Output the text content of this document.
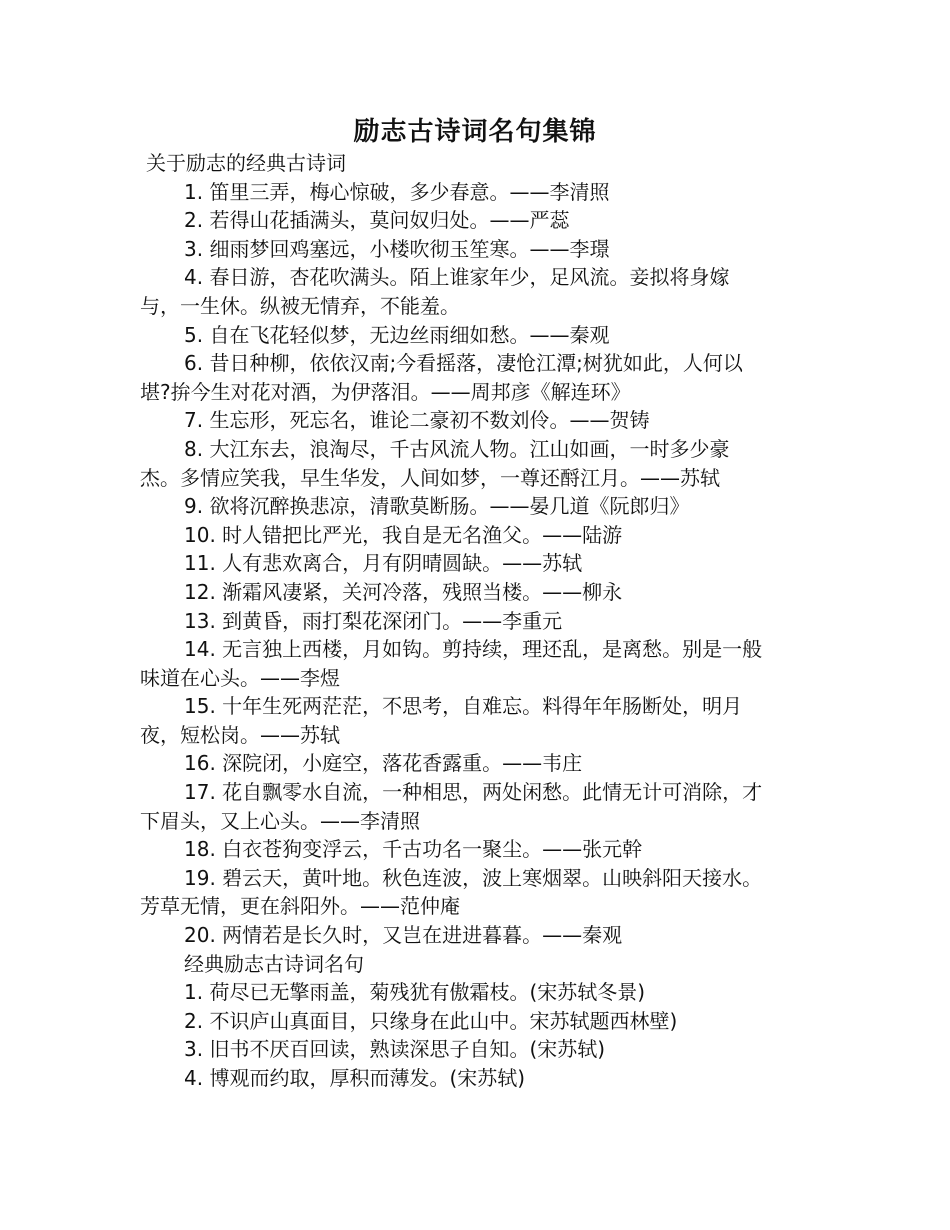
励志古诗词名句集锦
关于励志的经典古诗词
1. 笛里三弄，梅心惊破，多少春意。——李清照
2. 若得山花插满头，莫问奴归处。——严蕊
3. 细雨梦回鸡塞远，小楼吹彻玉笙寒。——李璟
4. 春日游，杏花吹满头。陌上谁家年少，足风流。妾拟将身嫁
与，一生休。纵被无情弃，不能羞。
5. 自在飞花轻似梦，无边丝雨细如愁。——秦观
6. 昔日种柳，依依汉南;今看摇落，凄怆江潭;树犹如此，人何以
堪?拚今生对花对酒，为伊落泪。——周邦彦《解连环》
7. 生忘形，死忘名，谁论二豪初不数刘伶。——贺铸
8. 大江东去，浪淘尽，千古风流人物。江山如画，一时多少豪
杰。多情应笑我，早生华发，人间如梦，一尊还酹江月。——苏轼
9. 欲将沉醉换悲凉，清歌莫断肠。——晏几道《阮郎归》
10. 时人错把比严光，我自是无名渔父。——陆游
11. 人有悲欢离合，月有阴晴圆缺。——苏轼
12. 渐霜风凄紧，关河冷落，残照当楼。——柳永
13. 到黄昏，雨打梨花深闭门。——李重元
14. 无言独上西楼，月如钩。剪持续，理还乱，是离愁。别是一般
味道在心头。——李煜
15. 十年生死两茫茫，不思考，自难忘。料得年年肠断处，明月
夜，短松岗。——苏轼
16. 深院闭，小庭空，落花香露重。——韦庄
17. 花自飘零水自流，一种相思，两处闲愁。此情无计可消除，才
下眉头，又上心头。——李清照
18. 白衣苍狗变浮云，千古功名一聚尘。——张元幹
19. 碧云天，黄叶地。秋色连波，波上寒烟翠。山映斜阳天接水。
芳草无情，更在斜阳外。——范仲庵
20. 两情若是长久时，又岂在进进暮暮。——秦观
经典励志古诗词名句
1. 荷尽已无擎雨盖，菊残犹有傲霜枝。(宋苏轼冬景)
2. 不识庐山真面目，只缘身在此山中。宋苏轼题西林壁)
3. 旧书不厌百回读，熟读深思子自知。(宋苏轼)
4. 博观而约取，厚积而薄发。(宋苏轼)
